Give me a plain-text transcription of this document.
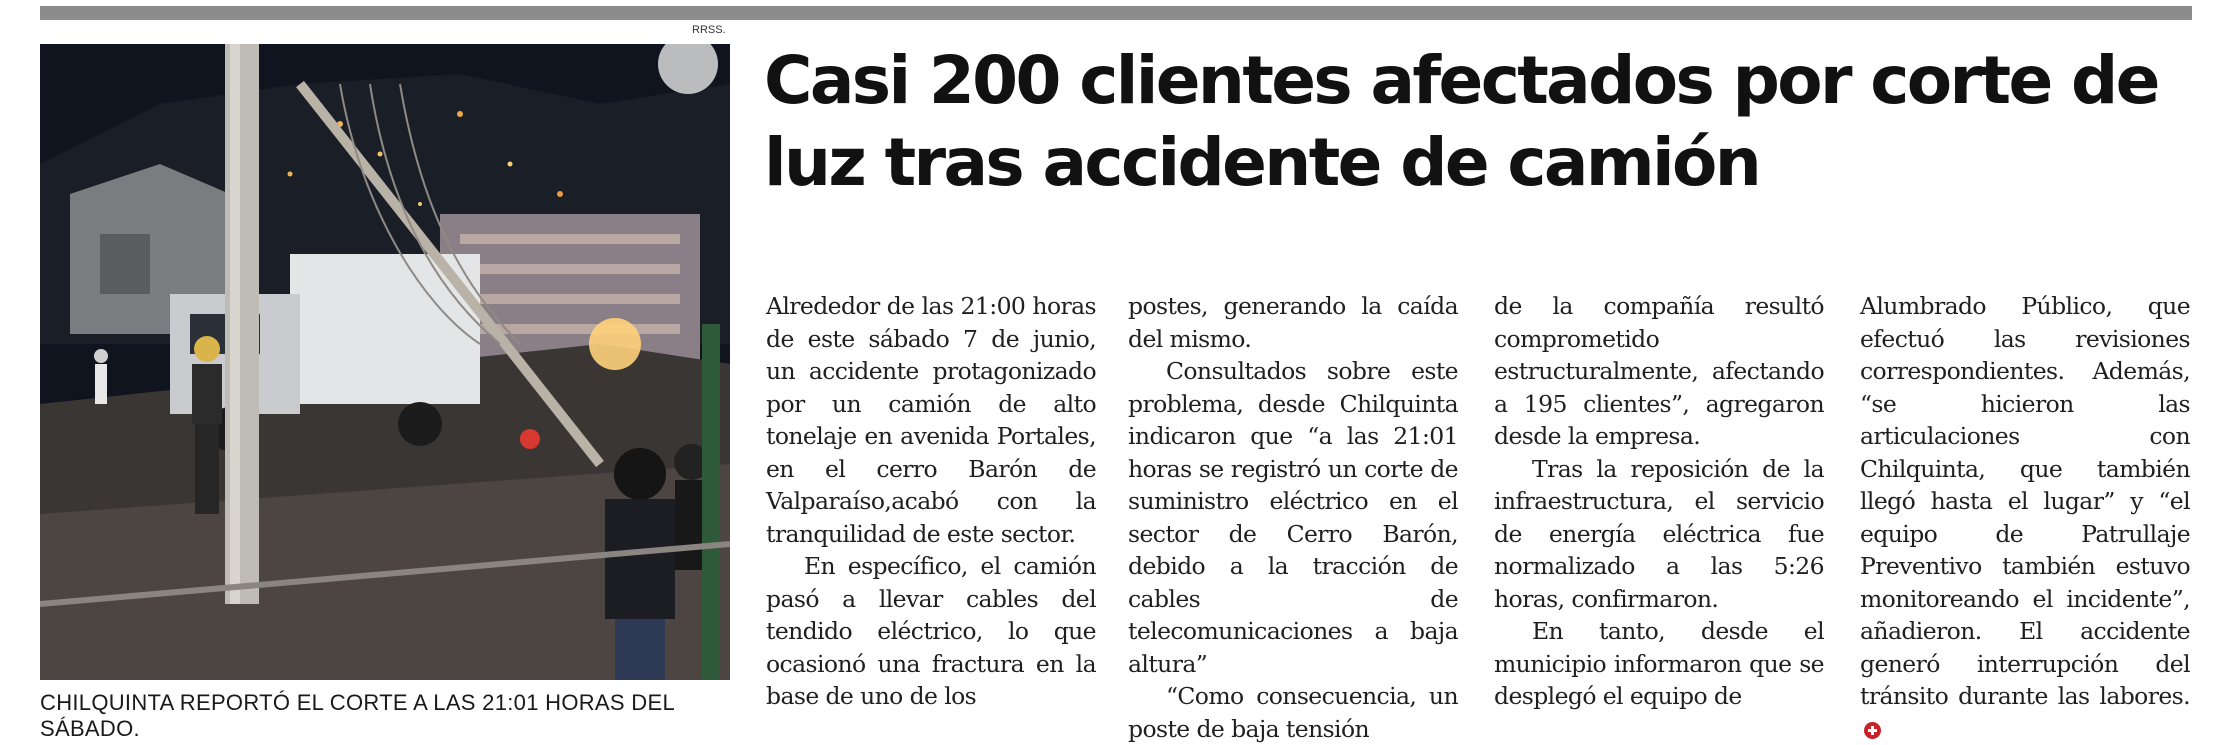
RRSS.
CHILQUINTA REPORTÓ EL CORTE A LAS 21:01 HORAS DEL SÁBADO.
Casi 200 clientes afectados por corte de luz tras accidente de camión

Alrededor de las 21:00 horas de este sábado 7 de junio, un accidente protagonizado por un camión de alto tonelaje en avenida Portales, en el cerro Barón de Valparaíso,acabó con la tranquilidad de este sector.

En específico, el camión pasó a llevar cables del tendido eléctrico, lo que ocasionó una fractura en la base de uno de los

postes, generando la caída del mismo.

Consultados sobre este problema, desde Chilquinta indicaron que “a las 21:01 horas se registró un corte de suministro eléctrico en el sector de Cerro Barón, debido a la tracción de cables de telecomunicaciones a baja altura”

“Como consecuencia, un poste de baja tensión

de la compañía resultó comprometido estructuralmente, afectando a 195 clientes”, agregaron desde la empresa.

Tras la reposición de la infraestructura, el servicio de energía eléctrica fue normalizado a las 5:26 horas, confirmaron.

En tanto, desde el municipio informaron que se desplegó el equipo de

Alumbrado Público, que efectuó las revisiones correspondientes. Además, “se hicieron las articulaciones con Chilquinta, que también llegó hasta el lugar” y “el equipo de Patrullaje Preventivo también estuvo monitoreando el incidente”, añadieron. El accidente generó interrupción del tránsito durante las labores.
